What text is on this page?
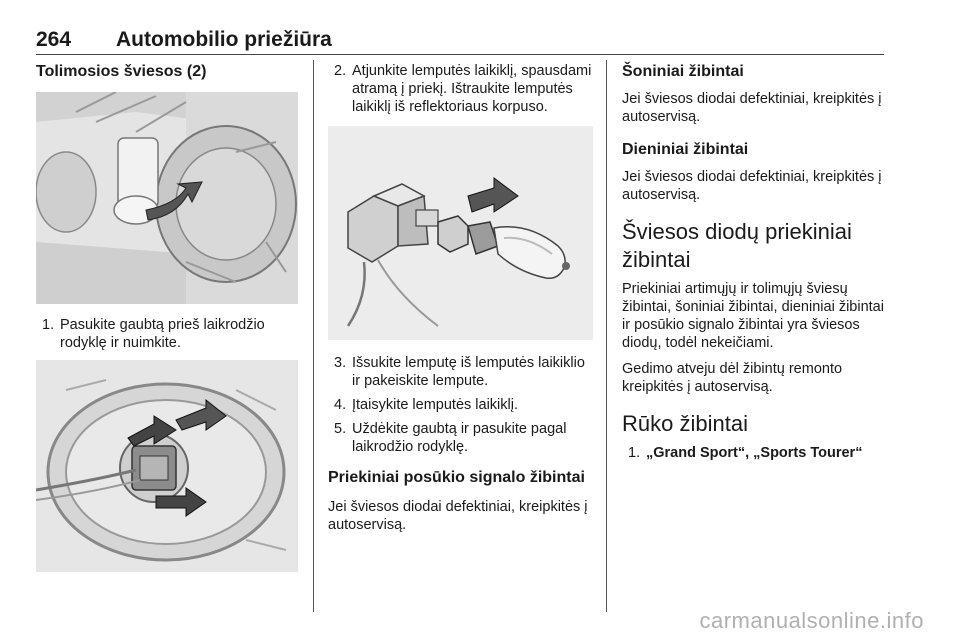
264 Automobilio priežiūra
Tolimosios šviesos (2)
1. Pasukite gaubtą prieš laikrodžio rodyklę ir nuimkite.
2. Atjunkite lemputės laikiklį, spausdami atramą į priekį. Ištraukite lemputės laikiklį iš reflektoriaus korpuso.
3. Išsukite lemputę iš lemputės laikiklio ir pakeiskite lempute.
4. Įtaisykite lemputės laikiklį.
5. Uždėkite gaubtą ir pasukite pagal laikrodžio rodyklę.
Priekiniai posūkio signalo žibintai

Jei šviesos diodai defektiniai, kreipkitės į autoservisą.

Šoniniai žibintai

Jei šviesos diodai defektiniai, kreipkitės į autoservisą.

Dieniniai žibintai

Jei šviesos diodai defektiniai, kreipkitės į autoservisą.

Šviesos diodų priekiniai žibintai

Priekiniai artimųjų ir tolimųjų šviesų žibintai, šoniniai žibintai, dieniniai žibintai ir posūkio signalo žibintai yra šviesos diodų, todėl nekeičiami.

Gedimo atveju dėl žibintų remonto kreipkitės į autoservisą.

Rūko žibintai
1. „Grand Sport“, „Sports Tourer“
carmanualsonline.info
